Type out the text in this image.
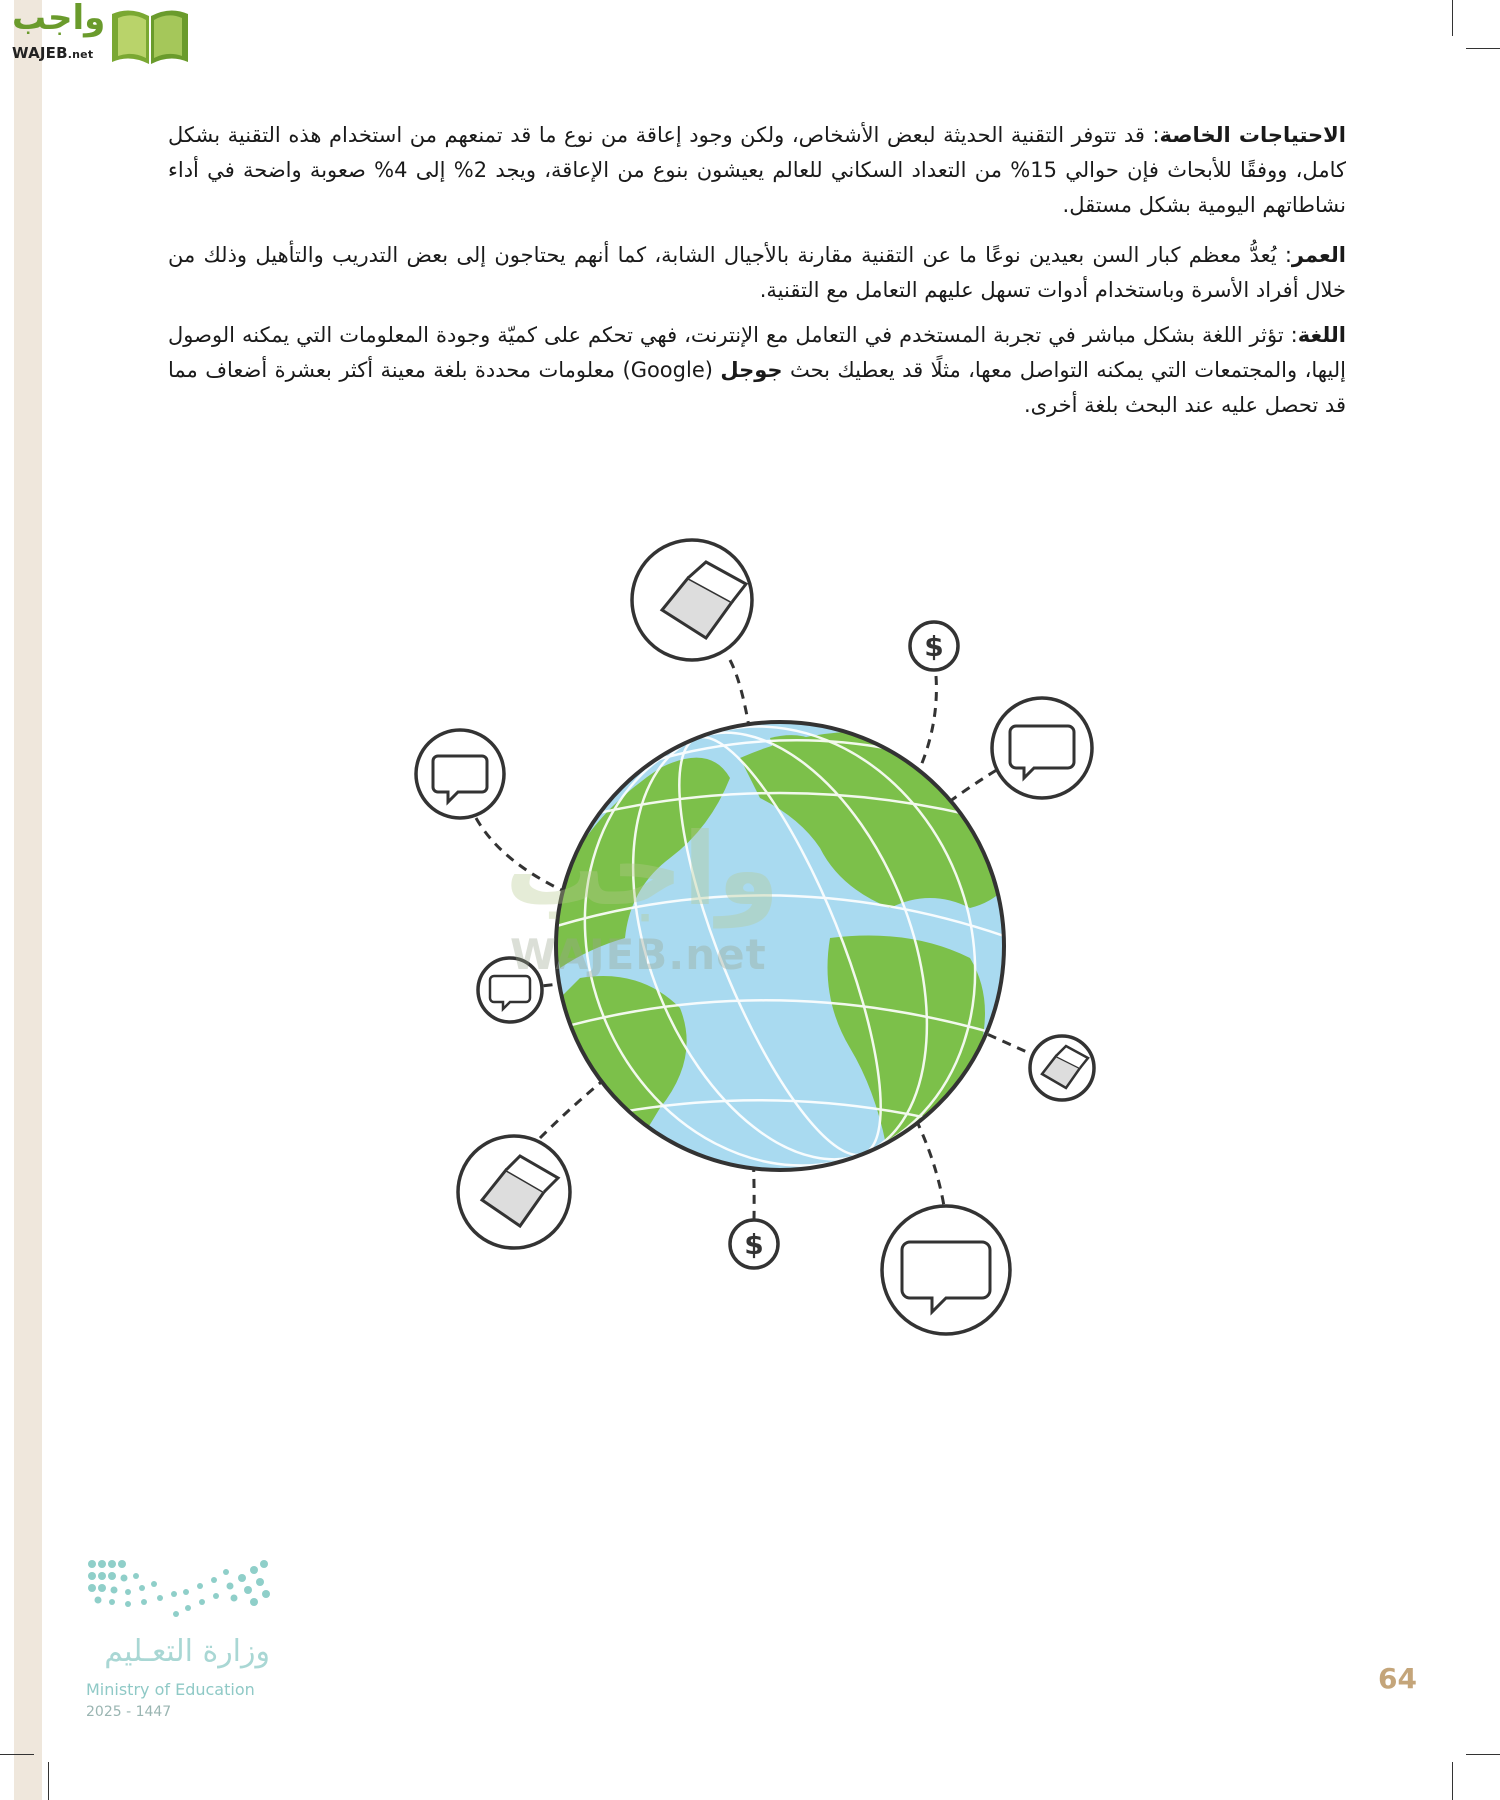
واجب
WAJEB.net
الاحتياجات الخاصة: قد تتوفر التقنية الحديثة لبعض الأشخاص، ولكن وجود إعاقة من نوع ما قد تمنعهم من استخدام هذه التقنية بشكل كامل، ووفقًا للأبحاث فإن حوالي 15% من التعداد السكاني للعالم يعيشون بنوع من الإعاقة، ويجد 2% إلى 4% صعوبة واضحة في أداء نشاطاتهم اليومية بشكل مستقل.
العمر: يُعدُّ معظم كبار السن بعيدين نوعًا ما عن التقنية مقارنة بالأجيال الشابة، كما أنهم يحتاجون إلى بعض التدريب والتأهيل وذلك من خلال أفراد الأسرة وباستخدام أدوات تسهل عليهم التعامل مع التقنية.
اللغة: تؤثر اللغة بشكل مباشر في تجربة المستخدم في التعامل مع الإنترنت، فهي تحكم على كميّة وجودة المعلومات التي يمكنه الوصول إليها، والمجتمعات التي يمكنه التواصل معها، مثلًا قد يعطيك بحث جوجل (Google) معلومات محددة بلغة معينة أكثر بعشرة أضعاف مما قد تحصل عليه عند البحث بلغة أخرى.
$
$
واجب
WAJEB.net
وزارة التعـليم
Ministry of Education
2025 - 1447
64
